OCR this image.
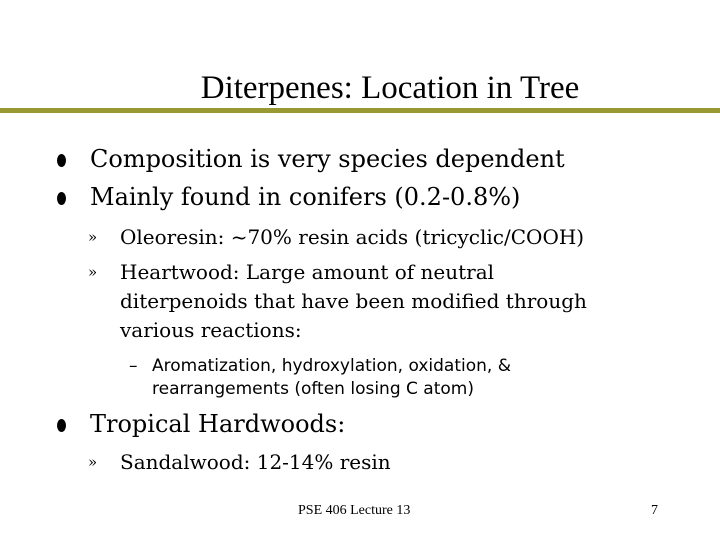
Diterpenes: Location in Tree
Composition is very species dependent
Mainly found in conifers (0.2-0.8%)
» Oleoresin: ~70% resin acids (tricyclic/COOH)
» Heartwood: Large amount of neutral
diterpenoids that have been modified through
various reactions:
– Aromatization, hydroxylation, oxidation, &
rearrangements (often losing C atom)
Tropical Hardwoods:
» Sandalwood: 12-14% resin
PSE 406 Lecture 13	7
